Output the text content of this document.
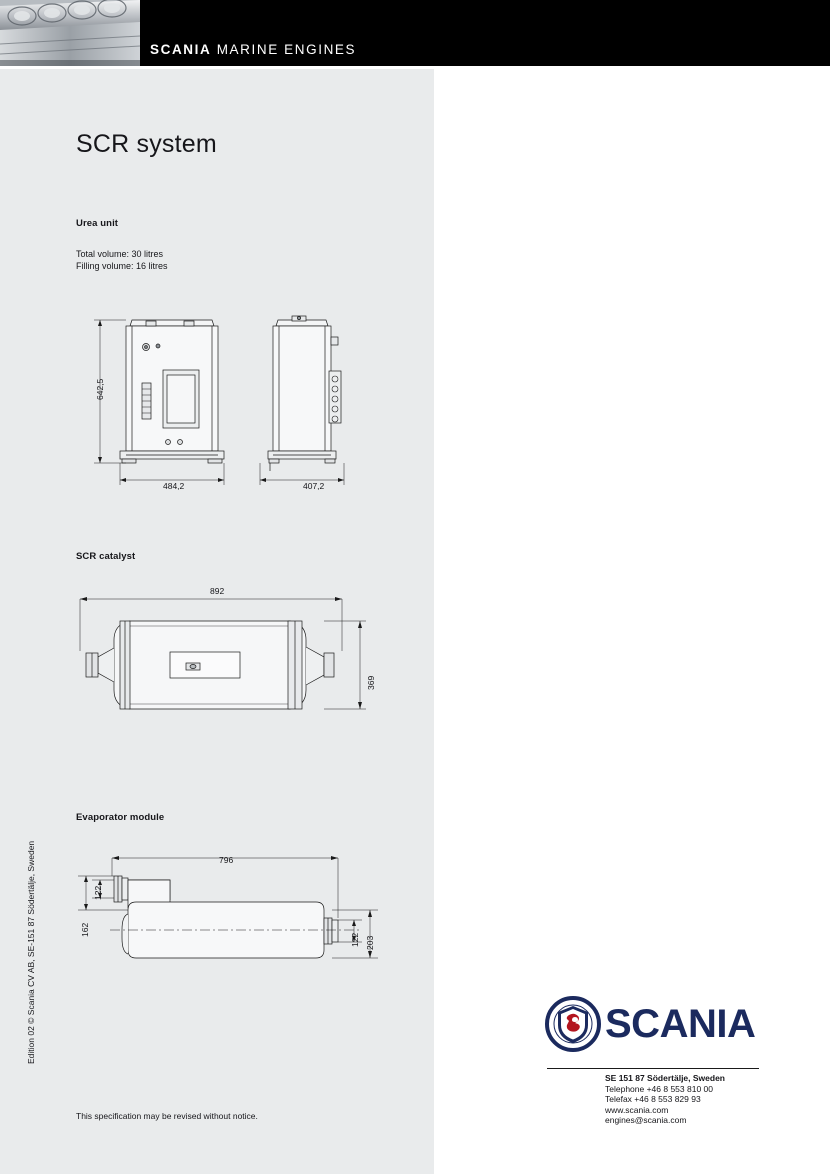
SCANIA MARINE ENGINES
SCR system
Urea unit
Total volume: 30 litres
Filling volume: 16 litres
642,5
484,2	407,2
SCR catalyst
892
369
Evaporator module
796
122
162
122 203
Edition 02 © Scania CV AB, SE-151 87 Södertälje, Sweden
This specification may be revised without notice.
SCANIA
SE 151 87 Södertälje, Sweden
Telephone +46 8 553 810 00
Telefax +46 8 553 829 93
www.scania.com
engines@scania.com
